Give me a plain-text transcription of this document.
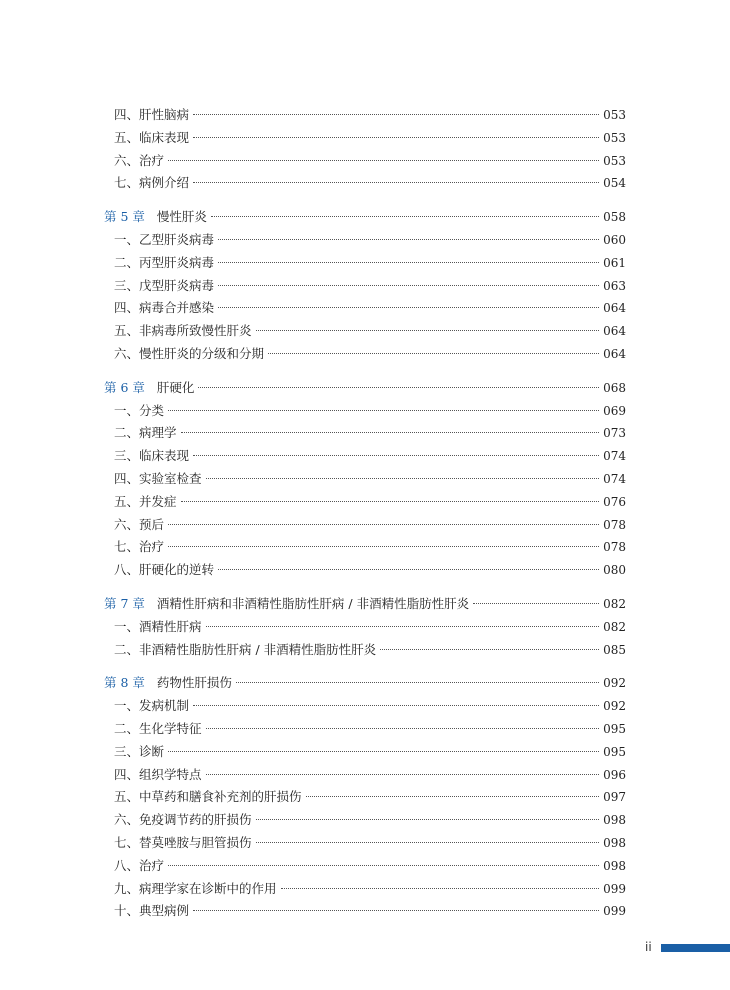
四、肝性脑病	053
五、临床表现	053
六、治疗	053
七、病例介绍	054
第 5 章 慢性肝炎	058
一、乙型肝炎病毒	060
二、丙型肝炎病毒	061
三、戊型肝炎病毒	063
四、病毒合并感染	064
五、非病毒所致慢性肝炎	064
六、慢性肝炎的分级和分期	064
第 6 章 肝硬化	068
一、分类	069
二、病理学	073
三、临床表现	074
四、实验室检查	074
五、并发症	076
六、预后	078
七、治疗	078
八、肝硬化的逆转	080
第 7 章 酒精性肝病和非酒精性脂肪性肝病 / 非酒精性脂肪性肝炎	082
一、酒精性肝病	082
二、非酒精性脂肪性肝病 / 非酒精性脂肪性肝炎	085
第 8 章 药物性肝损伤	092
一、发病机制	092
二、生化学特征	095
三、诊断	095
四、组织学特点	096
五、中草药和膳食补充剂的肝损伤	097
六、免疫调节药的肝损伤	098
七、替莫唑胺与胆管损伤	098
八、治疗	098
九、病理学家在诊断中的作用	099
十、典型病例	099
ii
